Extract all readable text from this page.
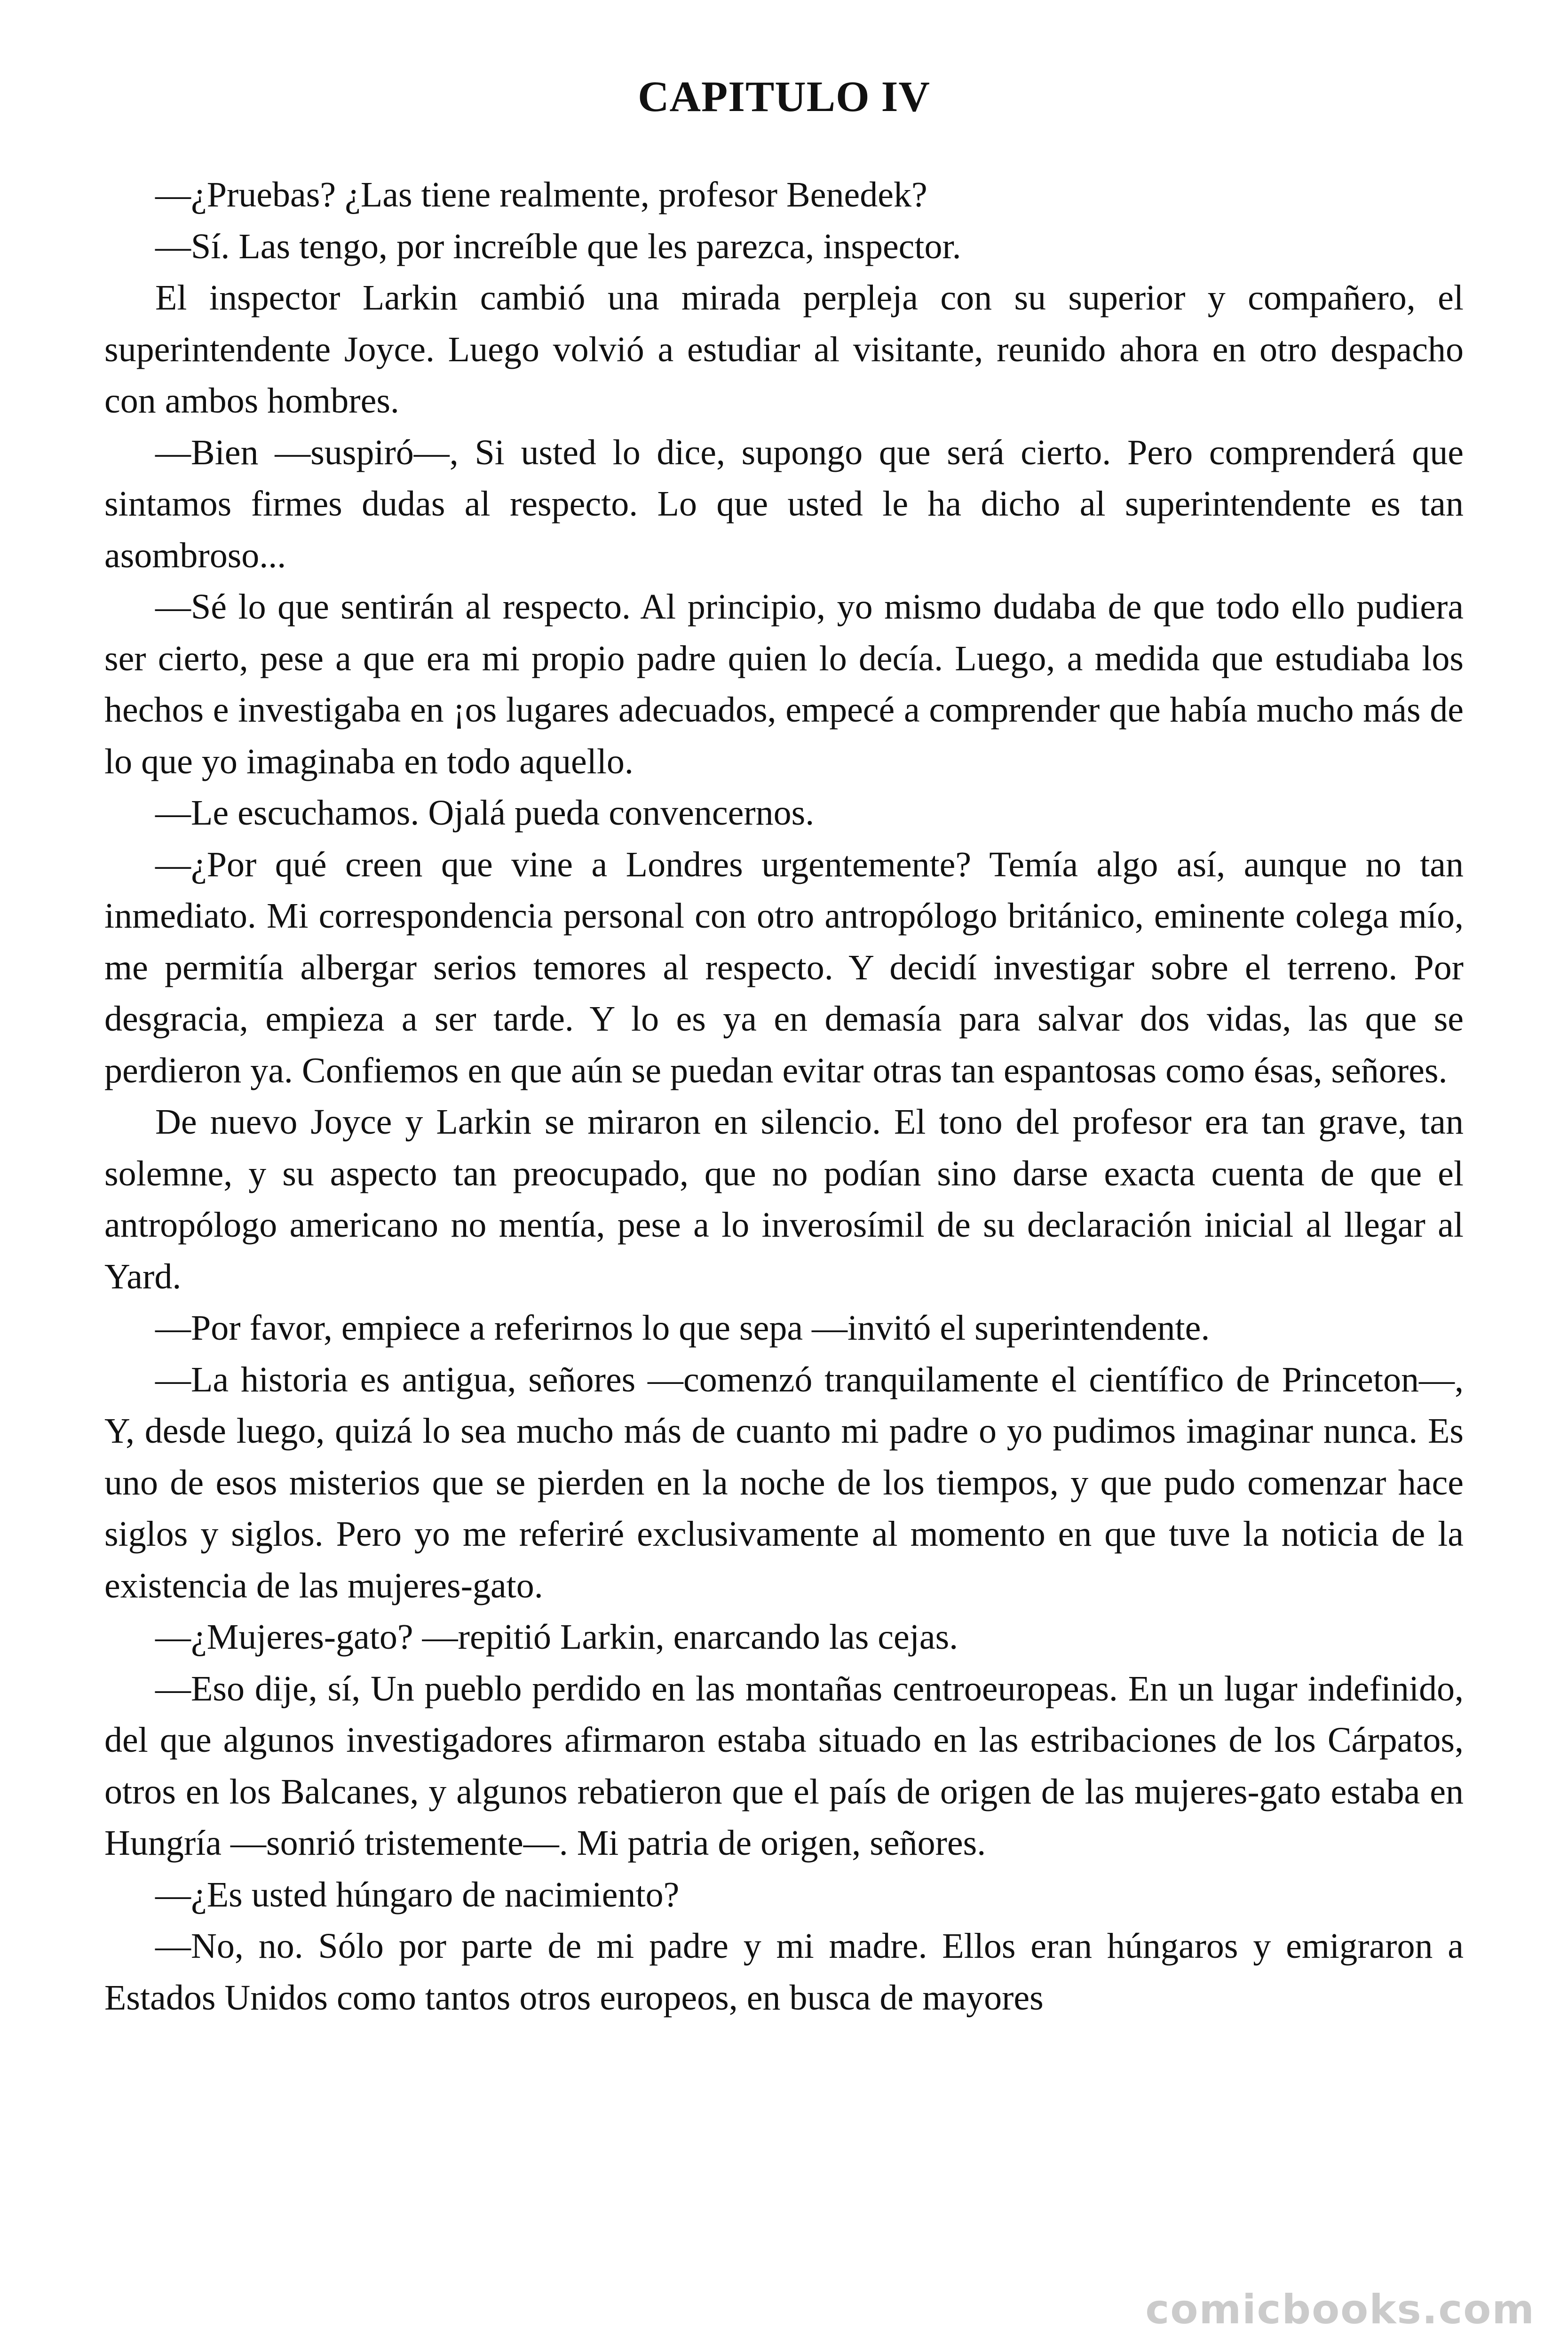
CAPITULO IV

—¿Pruebas? ¿Las tiene realmente, profesor Benedek?

—Sí. Las tengo, por increíble que les parezca, inspector.

El inspector Larkin cambió una mirada perpleja con su superior y compañero, el superintendente Joyce. Luego volvió a estudiar al visitante, reunido ahora en otro despacho con ambos hombres.

—Bien —suspiró—, Si usted lo dice, supongo que será cierto. Pero comprenderá que sintamos firmes dudas al respecto. Lo que usted le ha dicho al superintendente es tan asombroso...

—Sé lo que sentirán al respecto. Al principio, yo mismo dudaba de que todo ello pudiera ser cierto, pese a que era mi propio padre quien lo decía. Luego, a medida que estudiaba los hechos e investigaba en ¡os lugares adecuados, empecé a comprender que había mucho más de lo que yo imaginaba en todo aquello.

—Le escuchamos. Ojalá pueda convencernos.

—¿Por qué creen que vine a Londres urgentemente? Temía algo así, aunque no tan inmediato. Mi correspondencia personal con otro antropólogo británico, eminente colega mío, me permitía albergar serios temores al respecto. Y decidí investigar sobre el terreno. Por desgracia, empieza a ser tarde. Y lo es ya en demasía para salvar dos vidas, las que se perdieron ya. Confiemos en que aún se puedan evitar otras tan espantosas como ésas, señores.

De nuevo Joyce y Larkin se miraron en silencio. El tono del profesor era tan grave, tan solemne, y su aspecto tan preocupado, que no podían sino darse exacta cuenta de que el antropólogo americano no mentía, pese a lo inverosímil de su declaración inicial al llegar al Yard.

—Por favor, empiece a referirnos lo que sepa —invitó el superintendente.

—La historia es antigua, señores —comenzó tranquilamente el científico de Princeton—, Y, desde luego, quizá lo sea mucho más de cuanto mi padre o yo pudimos imaginar nunca. Es uno de esos misterios que se pierden en la noche de los tiempos, y que pudo comenzar hace siglos y siglos. Pero yo me referiré exclusivamente al momento en que tuve la noticia de la existencia de las mujeres-gato.

—¿Mujeres-gato? —repitió Larkin, enarcando las cejas.

—Eso dije, sí, Un pueblo perdido en las montañas centroeuropeas. En un lugar indefinido, del que algunos investigadores afirmaron estaba situado en las estribaciones de los Cárpatos, otros en los Balcanes, y algunos rebatieron que el país de origen de las mujeres-gato estaba en Hungría —sonrió tristemente—. Mi patria de origen, señores.

—¿Es usted húngaro de nacimiento?

—No, no. Sólo por parte de mi padre y mi madre. Ellos eran húngaros y emigraron a Estados Unidos como tantos otros europeos, en busca de mayores

comicbooks.com
